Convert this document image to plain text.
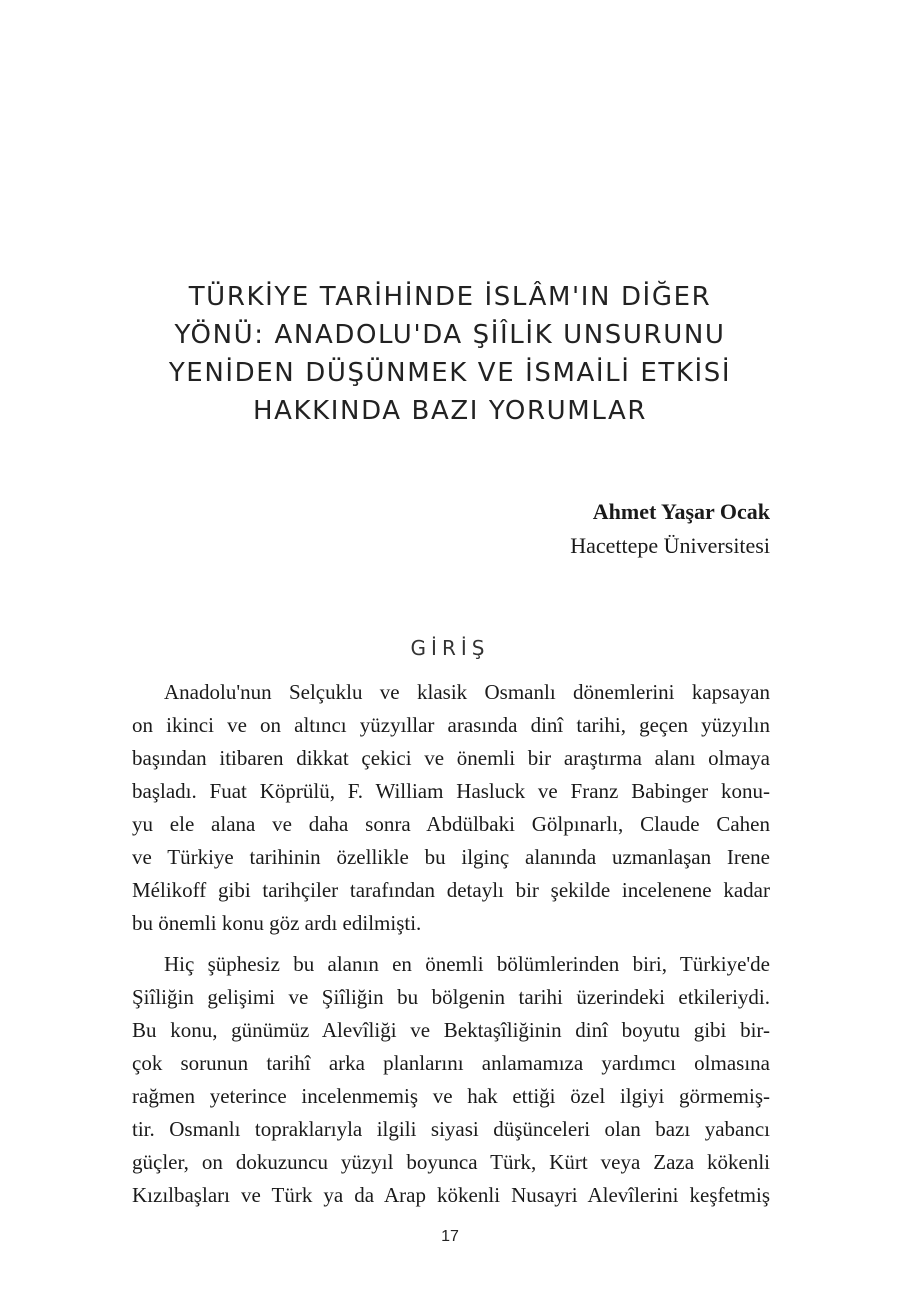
TÜRKİYE TARİHİNDE İSLÂM'IN DİĞER
YÖNÜ: ANADOLU'DA ŞİÎLİK UNSURUNU
YENİDEN DÜŞÜNMEK VE İSMAİLİ ETKİSİ
HAKKINDA BAZI YORUMLAR
Ahmet Yaşar Ocak
Hacettepe Üniversitesi
GİRİŞ

Anadolu'nun Selçuklu ve klasik Osmanlı dönemlerini kapsayan
on ikinci ve on altıncı yüzyıllar arasında dinî tarihi, geçen yüzyılın
başından itibaren dikkat çekici ve önemli bir araştırma alanı olmaya
başladı. Fuat Köprülü, F. William Hasluck ve Franz Babinger konu-
yu ele alana ve daha sonra Abdülbaki Gölpınarlı, Claude Cahen
ve Türkiye tarihinin özellikle bu ilginç alanında uzmanlaşan Irene
Mélikoff gibi tarihçiler tarafından detaylı bir şekilde incelenene kadar
bu önemli konu göz ardı edilmişti.

Hiç şüphesiz bu alanın en önemli bölümlerinden biri, Türkiye'de
Şiîliğin gelişimi ve Şiîliğin bu bölgenin tarihi üzerindeki etkileriydi.
Bu konu, günümüz Alevîliği ve Bektaşîliğinin dinî boyutu gibi bir-
çok sorunun tarihî arka planlarını anlamamıza yardımcı olmasına
rağmen yeterince incelenmemiş ve hak ettiği özel ilgiyi görmemiş-
tir. Osmanlı topraklarıyla ilgili siyasi düşünceleri olan bazı yabancı
güçler, on dokuzuncu yüzyıl boyunca Türk, Kürt veya Zaza kökenli
Kızılbaşları ve Türk ya da Arap kökenli Nusayri Alevîlerini keşfetmiş

17
